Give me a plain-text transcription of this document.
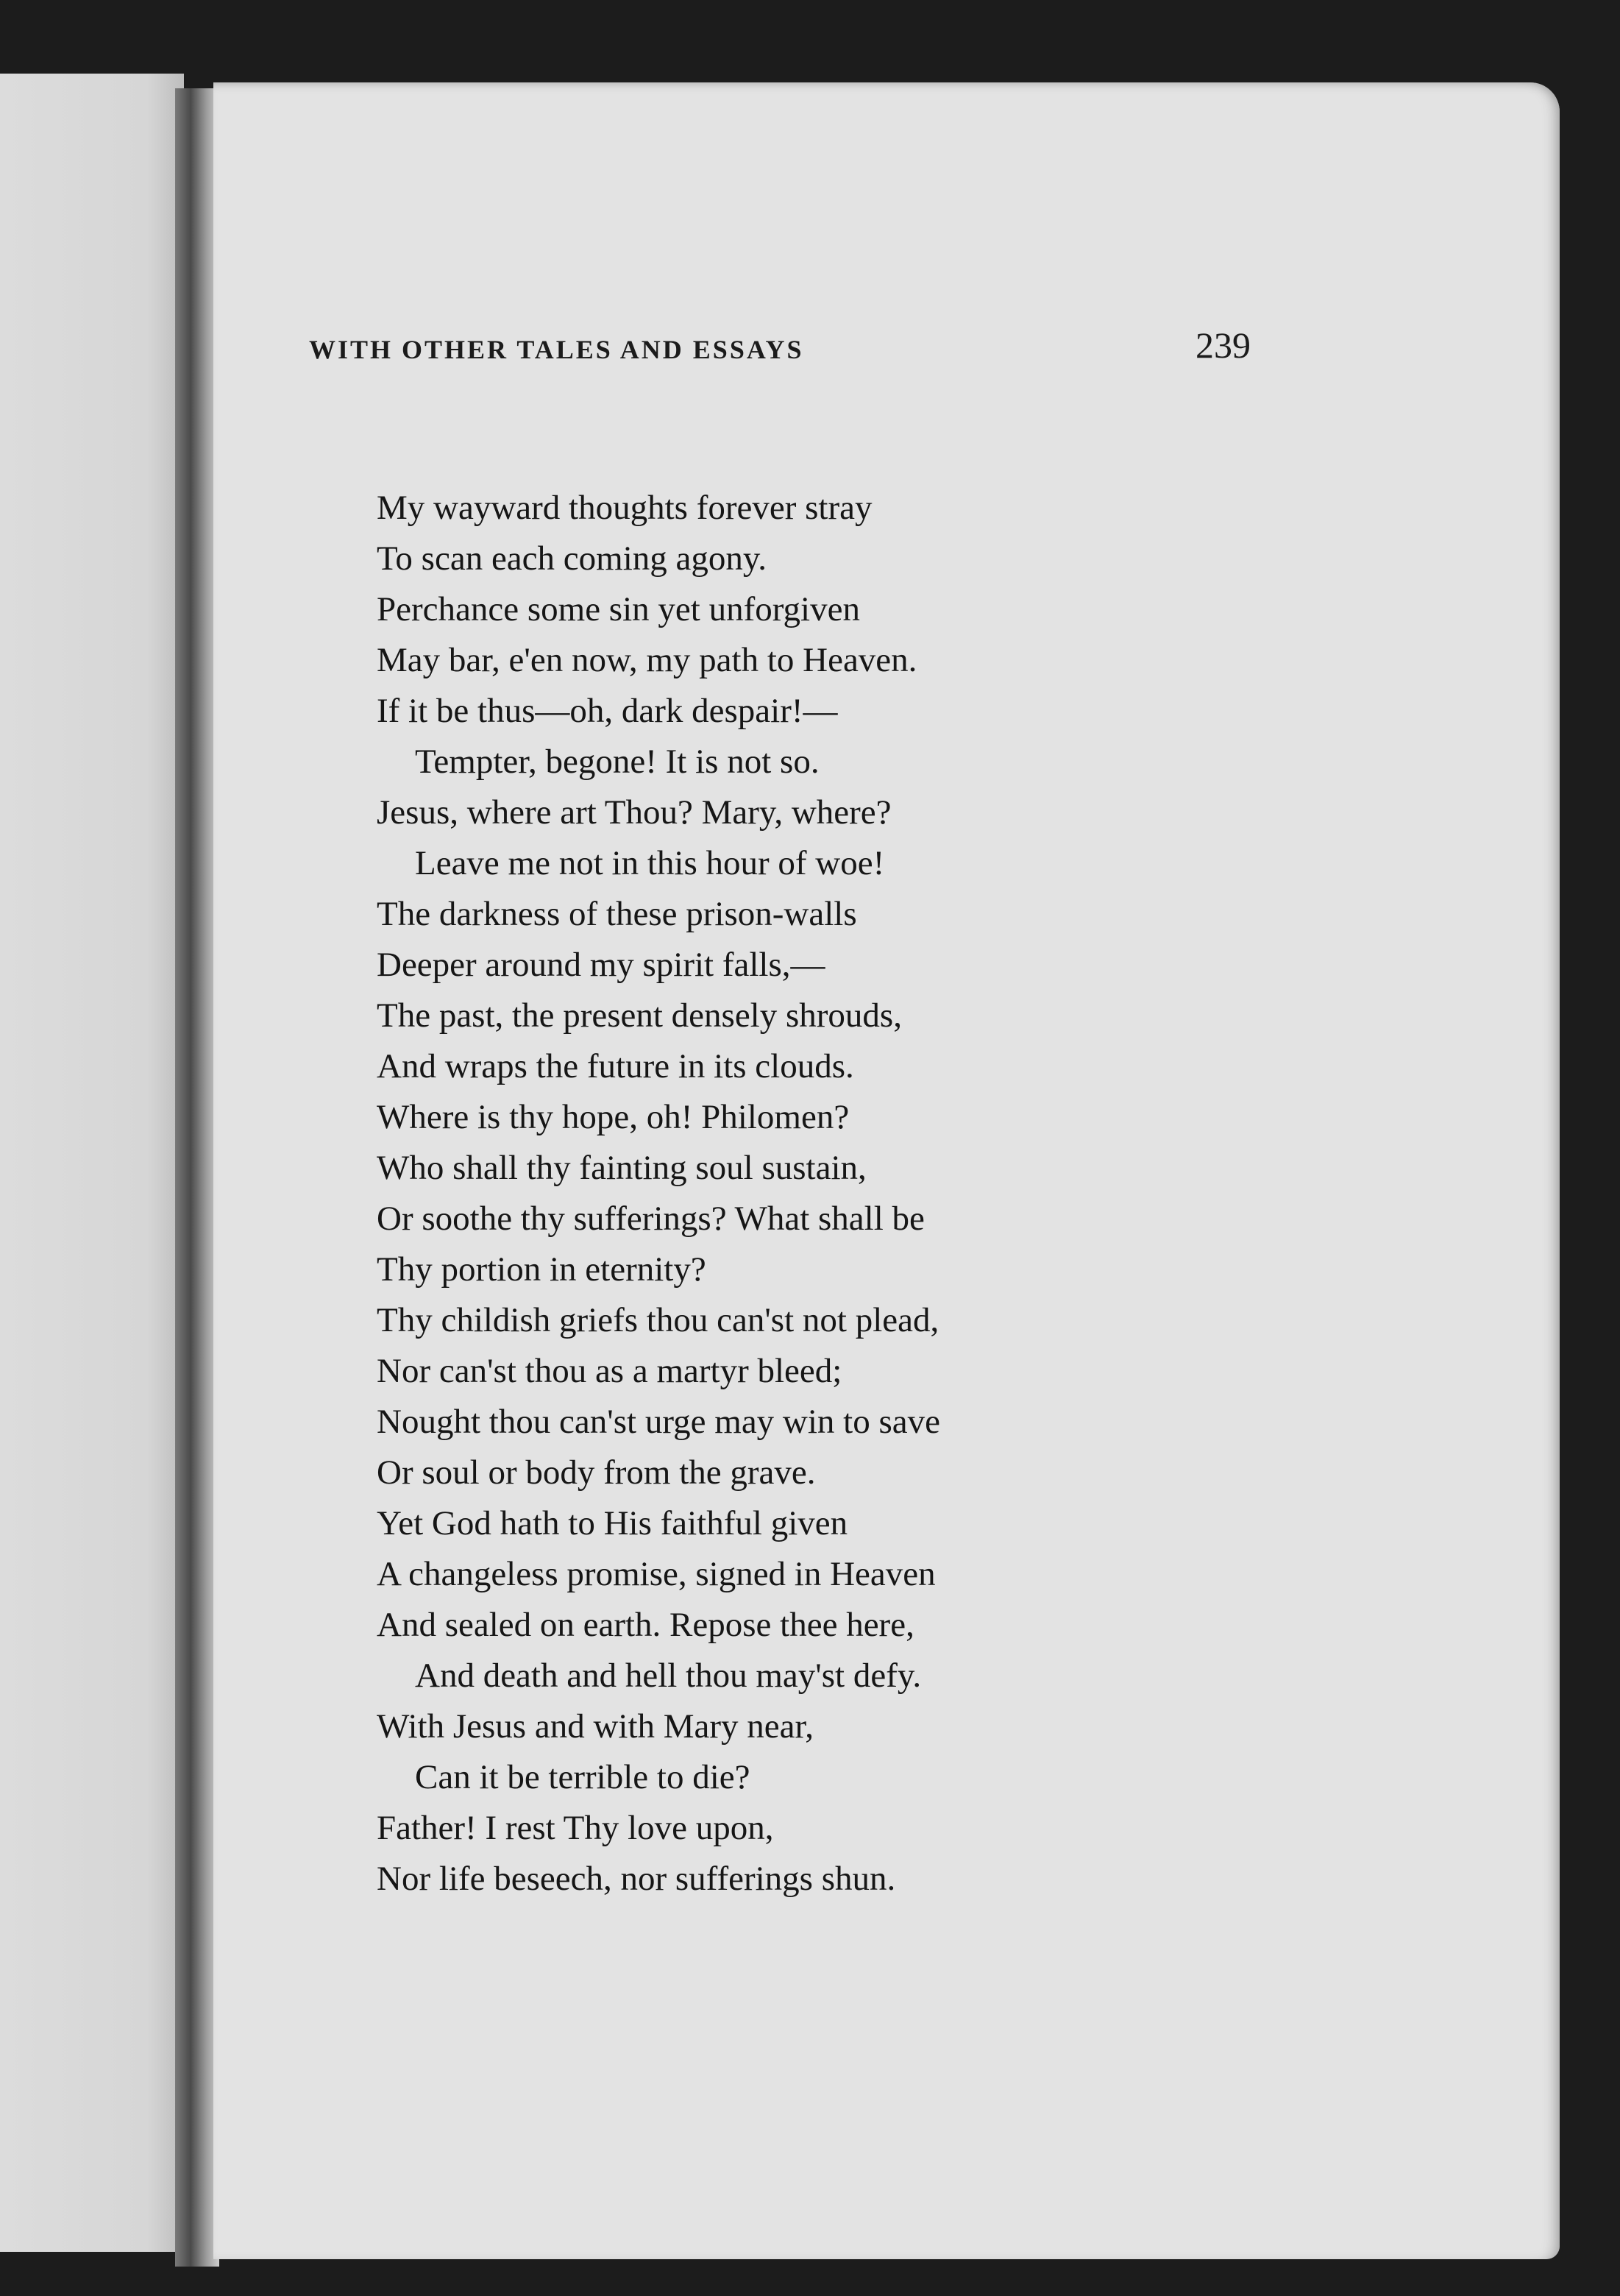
WITH OTHER TALES AND ESSAYS	239
My wayward thoughts forever stray
To scan each coming agony.
Perchance some sin yet unforgiven
May bar, e'en now, my path to Heaven.
If it be thus—oh, dark despair!—
Tempter, begone! It is not so.
Jesus, where art Thou? Mary, where?
Leave me not in this hour of woe!
The darkness of these prison-walls
Deeper around my spirit falls,—
The past, the present densely shrouds,
And wraps the future in its clouds.
Where is thy hope, oh! Philomen?
Who shall thy fainting soul sustain,
Or soothe thy sufferings? What shall be
Thy portion in eternity?
Thy childish griefs thou can'st not plead,
Nor can'st thou as a martyr bleed;
Nought thou can'st urge may win to save
Or soul or body from the grave.
Yet God hath to His faithful given
A changeless promise, signed in Heaven
And sealed on earth. Repose thee here,
And death and hell thou may'st defy.
With Jesus and with Mary near,
Can it be terrible to die?
Father! I rest Thy love upon,
Nor life beseech, nor sufferings shun.
